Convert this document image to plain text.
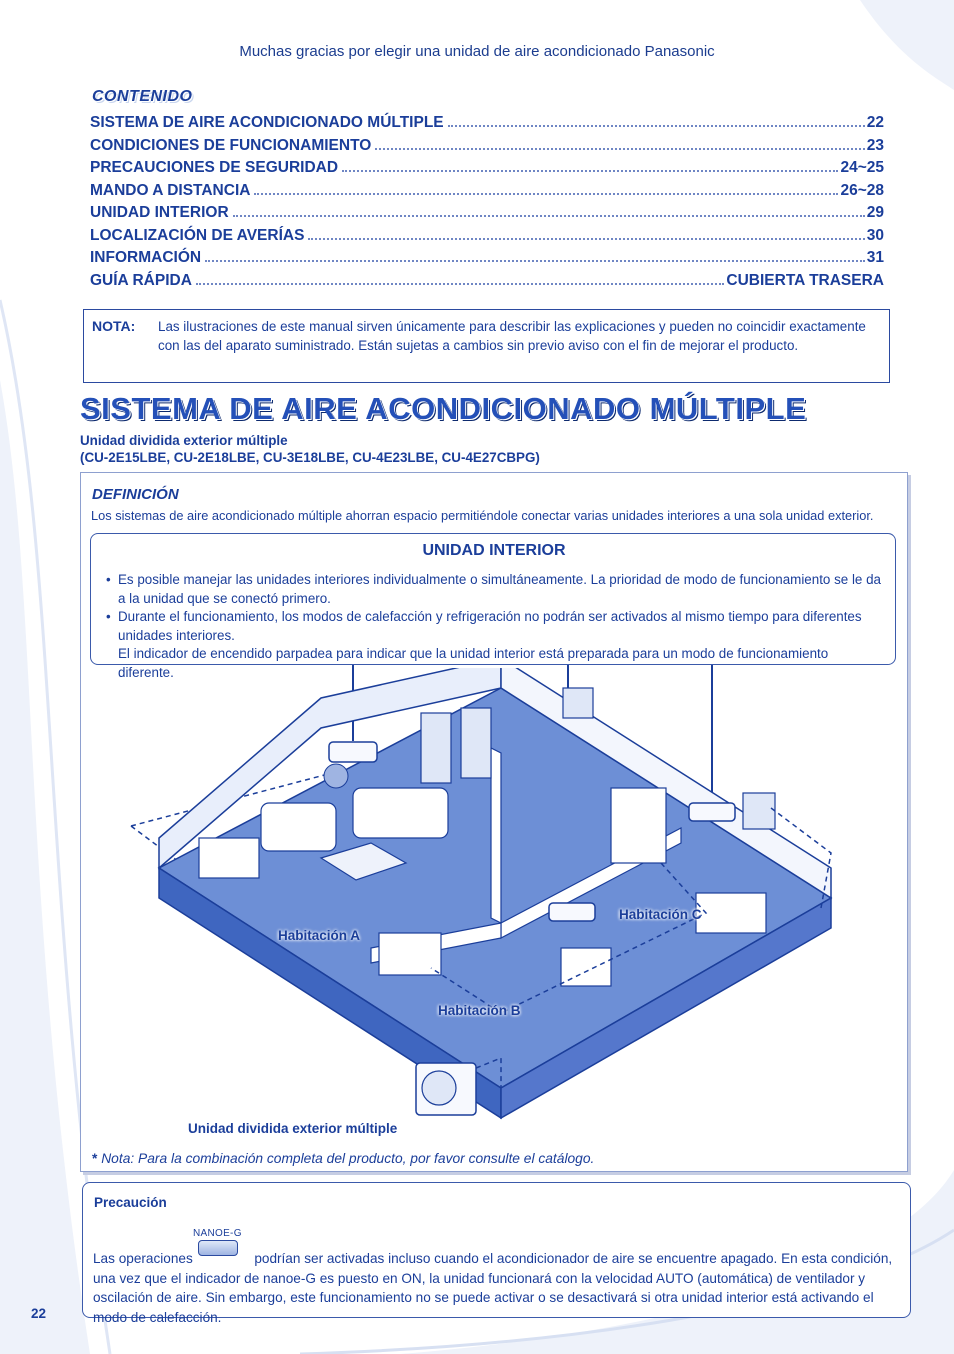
Muchas gracias por elegir una unidad de aire acondicionado Panasonic
CONTENIDO
SISTEMA DE AIRE ACONDICIONADO MÚLTIPLE	22
CONDICIONES DE FUNCIONAMIENTO	23
PRECAUCIONES DE SEGURIDAD	24~25
MANDO A DISTANCIA	26~28
UNIDAD INTERIOR	29
LOCALIZACIÓN DE AVERÍAS	30
INFORMACIÓN	31
GUÍA RÁPIDA	CUBIERTA TRASERA
NOTA: Las ilustraciones de este manual sirven únicamente para describir las explicaciones y pueden no coincidir exactamente con las del aparato suministrado. Están sujetas a cambios sin previo aviso con el fin de mejorar el producto.
SISTEMA DE AIRE ACONDICIONADO MÚLTIPLE
Unidad dividida exterior múltiple
(CU-2E15LBE, CU-2E18LBE, CU-3E18LBE, CU-4E23LBE, CU-4E27CBPG)
DEFINICIÓN
Los sistemas de aire acondicionado múltiple ahorran espacio permitiéndole conectar varias unidades interiores a una sola unidad exterior.
UNIDAD INTERIOR
• Es posible manejar las unidades interiores individualmente o simultáneamente. La prioridad de modo de funcionamiento se le da a la unidad que se conectó primero.
• Durante el funcionamiento, los modos de calefacción y refrigeración no podrán ser activados al mismo tiempo para diferentes unidades interiores.
El indicador de encendido parpadea para indicar que la unidad interior está preparada para un modo de funcionamiento diferente.
Habitación A
Habitación B
Habitación C
Unidad dividida exterior múltiple
* Nota: Para la combinación completa del producto, por favor consulte el catálogo.
Precaución
NANOE-G
Las operaciones	podrían ser activadas incluso cuando el acondicionador de aire se encuentre apagado. En esta condición, una vez que el indicador de nanoe-G es puesto en ON, la unidad funcionará con la velocidad AUTO (automática) de ventilador y oscilación de aire. Sin embargo, este funcionamiento no se puede activar o se desactivará si otra unidad interior está activando el modo de calefacción.
22
